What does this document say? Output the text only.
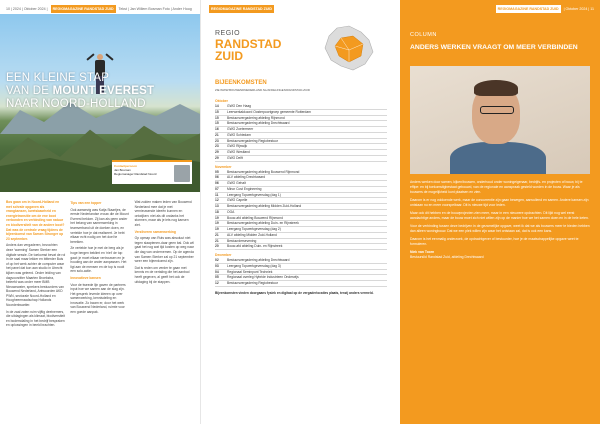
10 | 2024 | Oktober 2024 | REGIOMAGAZINE RANDSTAD ZUID Tekst | Jan Willem Bosman Foto | Ander Hoog
EEN KLEINE STAP
VAN DE MOUNT EVEREST
NAAR NOORD-HOLLAND
Contactpersoon
Jan Bosman
Regiomanager Randstad Noord

Bos gaan om in Noord-Holland en met schrale opgaven als vrangkansen, kwetsbaarheid en energietransitie om de ene boot verbonden en verbinding van natuur en biodiversiteit van de andere boot? Dat was de centrale vraag tijdens de bijeenkomst van Samen Stronger op 23 september.

Anders dan vergaderen, bezochten deze 'warming' Samen Sterker een digitale sessie. De toekomst bevat de rol in de saal maar lekker en bitterder Buis of op het werk achter de computer waar het panel dat kon aan studio in Utrecht kijken was geleerd. Onder leiding van dagvoorzitter Maarten Broekstra, beleefd was onder meer BMB Nieuwewater, sprekers bestuurders van Bouwend Nederland, Antwoorden AKD PWN, sectorale Noord-Holland en Hoogheemraadschap Hollands Noorderkwartier.

In de zaal zaten ruim vijftig deelnemers, die uitdagingen als klimaat, biodiversiteit en bodemdaling in het bedrijf bespraken en oplossingen in beeld brachten.

Tips van een topper

Ook aanwezig was Katja Staartjes, de eerste Nederlandse vrouw die de Mount Everest beklom. Zij kan als geen ander het belang van samenwerking in teamverband uit de doeken doen, en vertelde hoe je dat realiseert. Je hebt elkaar echt nodig om het doel te bereiken.

Ze vertelde hoe je met de berg als je hoge bergen beklimt en 'niet' de top gaat: je moet elkaar vertrouwen en je houding aan de ander aanpassen. Het ligt aan de mensen en de top is nooit een solo-actie.

Innovatieve kansen

Voor de tweede lijn gaven de partners input hoe we samen aan de slag zijn. Het gesprek leverde ideeen op over samenwerking, kennisdeling en innovatie. Zo kwam er, door het werk van Bouwend Nederland, ruimte voor een goede aanpak.

Wat zulden maken leden van Bouwend Nederland mee dat je met vernieuwende ideeën kunnen en ontwijken: niet als dit ondanks het stormen, maar als je iets nog kansen ziet.

Verzilveren samenwerking

Op opmap van Ruts was absoluut niet tegen slaaptenen-daar geen bal. Ook wil gaat het nog wat tijd kosten op weg naar die dag van ondernemen. Op de agenda van Samen Sterker zal op 21 september weer een bijeenkomst zijn.

Dat is reden om verder te gaan met kennis en de vertaling die het aanbod heeft gegeven, al geeft het ook de uitdaging bij de stappen.

REGIOMAGAZINE RANDSTAD ZUID
REGIO
RANDSTAD
ZUID
BIJEENKOMSTEN
ZIE WWW.BOUWENDNEDERLAND.NL/AFDELINGEN/RANDSTAD-ZUID
Oktober
14	GWO Den Haag
15	Leerwerkakkoord Oosterpoortgroep gemeente Rotterdam
15	Bestuursvergadering afdeling Rijnmond
15	Bestuursvergadering afdeling Drechtwaard
16	GWO Zoetermeer
21	GWO Schiedam
23	Bestuursvergadering Regiobestuur
23	GWO Rijswijk
29	GWO Westland
29	GWO Delft
November
05	Bestuursvergadering afdeling Bouwend Rijnmond
06	ALV afdeling Drechtwaard
06	GWO Gehalt
07	Minor Cost Engineering
11	Leergang Topwerkgeversdag (dag 1)
12	GWO Capelle
13	Bestuursvergadering afdeling Midden Zuid-Holland
18	OGA
19	Bouw-afd afdeling Bouwend Rijnmond
19	Bestuursvergadering afdeling Duin- en Rijnstreek
19	Leergang Topwerkgeversdag (dag 2)
21	ALV afdeling Midden Zuid-Holland
21	Bestuurdersevening
20	Bouw-afd afdeling Duin- en Rijnstreek
December
02	Bestuursvergadering afdeling Drechtwaard
03	Leergang Topwerkgeversdag (dag 3)
04	Regionaal Seminpunt Techniek
05	Regionaal overleg Hybride Industrieen Onderwijs
12	Bestuursvergadering Regiobestuur
Bijeenkomsten vinden doorgaans fysiek en digitaal op de vergaderlocaties plaats, tenzij anders vermeld.
REGIOMAGAZINE RANDSTAD ZUID | Oktober 2024 | 11
COLUMN
ANDERS WERKEN VRAAGT OM MEER VERBINDEN

Anders werken door samen, kijken/bouwen, onderhoud onder woningeigenaar, bedrijfs- en projecten of bouw, bij te effipe: en bij toekomstigbestaat gebouwd, van de regionale en aanspraak gesteld worden in de bouw. Waar je als bouwers de mogelijkheid kunt plaatsen en zien.

Daarom is er nog voldoende werk, maar de concurrentie zijn gaan bewegen, aanvullend en samen. Andere kansen zijn ontstaan nu en meer voorspelbaar. Dit is nieuwe tijd voor leden.

Maar ook dit hebben en de bouwprojecten zien meer, maar in een nieuwere opdrachten. Dit lijkt nog wel eerst aandachtige anders, maar de bouw moet zich niet willen zijn op de manier hoe we het samen doen en in de hele keten.

Voor de verbinding tussen deze bedrijven in de gezamelijke opgave, weet ik dat we als bouwers meer te bieden hebben dan alleen woningbouw. Dat we een plek willen zijn waar het ontstaan zal, dat is ook een kans.

Daarom is het eenmalig onderzoek, de opdrachtgever of bestuurder, hoe je de maatschappelijke opgave weet te formuleren.

Niek van Toorn
Bestuurslid Randstad Zuid, afdeling Drechtwaard
